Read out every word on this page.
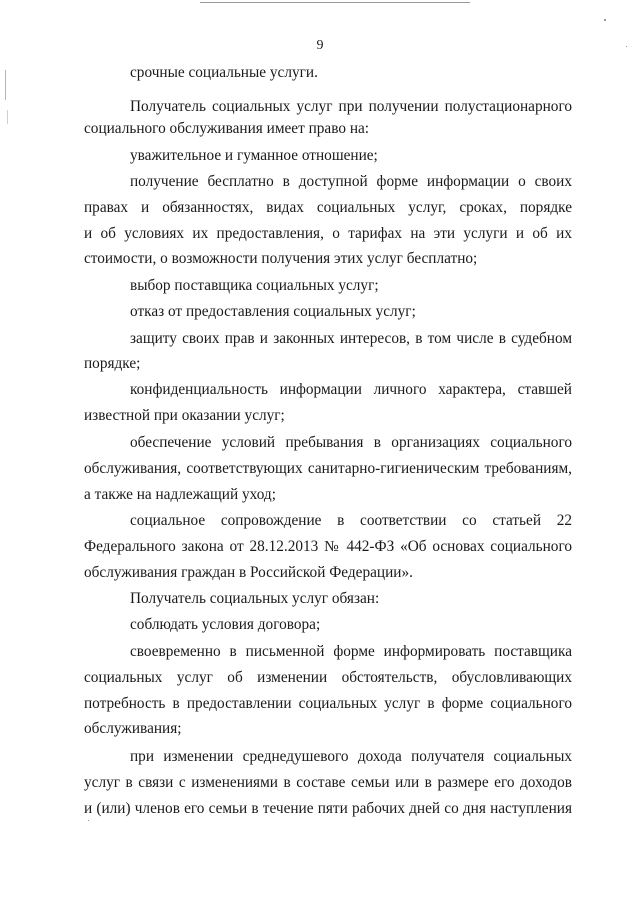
9
срочные социальные услуги.
Получатель социальных услуг при получении полустационарного
социального обслуживания имеет право на:
уважительное и гуманное отношение;
получение бесплатно в доступной форме информации о своих
правах и обязанностях, видах социальных услуг, сроках, порядке
и об условиях их предоставления, о тарифах на эти услуги и об их
стоимости, о возможности получения этих услуг бесплатно;
выбор поставщика социальных услуг;
отказ от предоставления социальных услуг;
защиту своих прав и законных интересов, в том числе в судебном
порядке;
конфиденциальность информации личного характера, ставшей
известной при оказании услуг;
обеспечение условий пребывания в организациях социального
обслуживания, соответствующих санитарно-гигиеническим требованиям,
а также на надлежащий уход;
социальное сопровождение в соответствии со статьей 22
Федерального закона от 28.12.2013 № 442-ФЗ «Об основах социального
обслуживания граждан в Российской Федерации».
Получатель социальных услуг обязан:
соблюдать условия договора;
своевременно в письменной форме информировать поставщика
социальных услуг об изменении обстоятельств, обусловливающих
потребность в предоставлении социальных услуг в форме социального
обслуживания;
при изменении среднедушевого дохода получателя социальных
услуг в связи с изменениями в составе семьи или в размере его доходов
и (или) членов его семьи в течение пяти рабочих дней со дня наступления
